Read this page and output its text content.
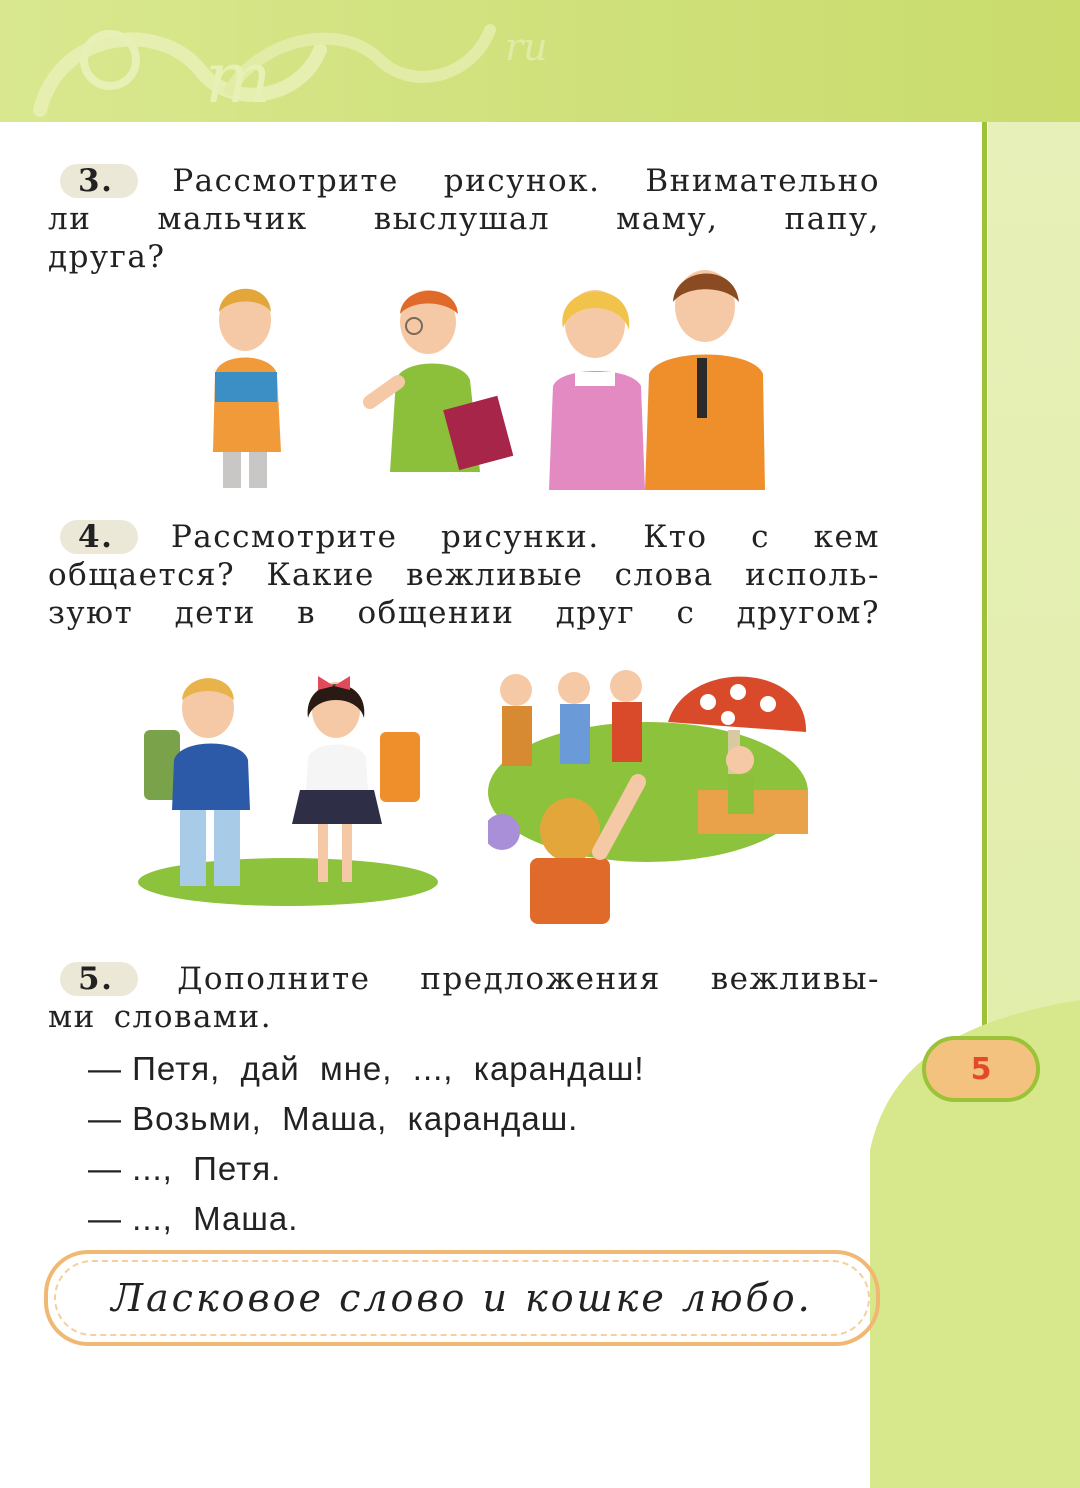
m	ru
5
3.	Рассмотрите рисунок. Внимательно
ли мальчик выслушал маму, папу,
друга?
4.	Рассмотрите рисунки. Кто с кем
общается? Какие вежливые слова исполь-
зуют дети в общении друг с другом?
5.	Дополните предложения вежливы-
ми словами.
— Петя,  дай  мне,  ...,  карандаш!
— Возьми,  Маша,  карандаш.
— ...,  Петя.
— ...,  Маша.
Ласковое слово и кошке любо.
